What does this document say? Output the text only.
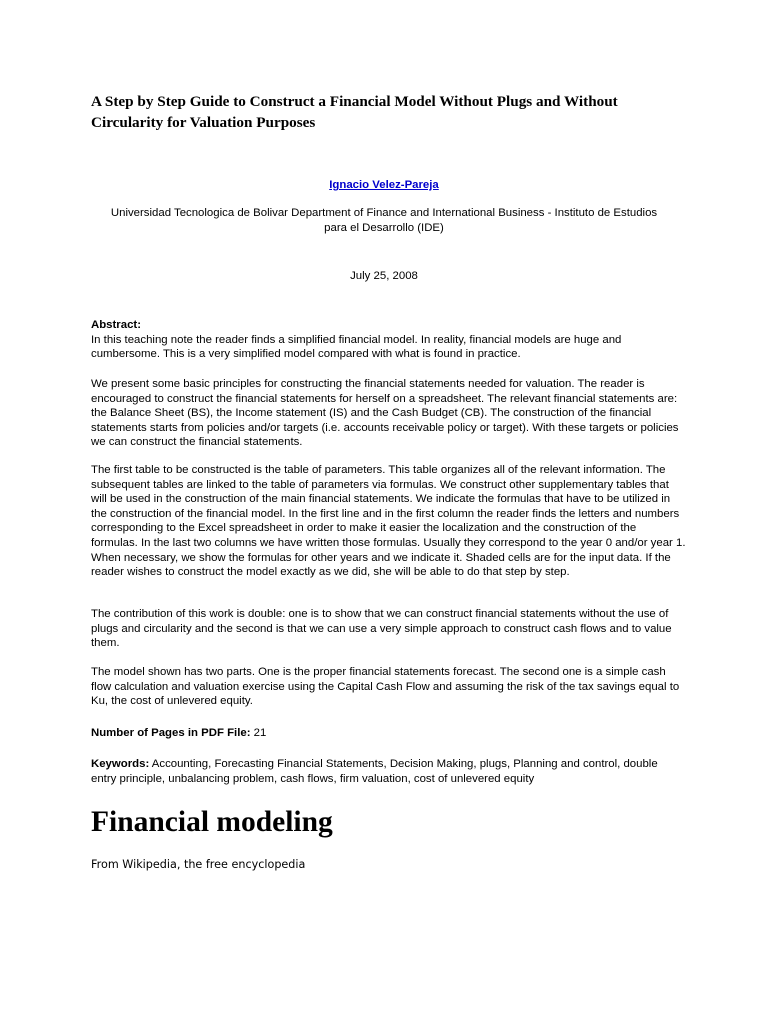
A Step by Step Guide to Construct a Financial Model Without Plugs and Without Circularity for Valuation Purposes
Ignacio Velez-Pareja
Universidad Tecnologica de Bolivar Department of Finance and International Business - Instituto de Estudios para el Desarrollo (IDE)
July 25, 2008
Abstract:
In this teaching note the reader finds a simplified financial model. In reality, financial models are huge and cumbersome. This is a very simplified model compared with what is found in practice.

We present some basic principles for constructing the financial statements needed for valuation. The reader is encouraged to construct the financial statements for herself on a spreadsheet. The relevant financial statements are: the Balance Sheet (BS), the Income statement (IS) and the Cash Budget (CB). The construction of the financial statements starts from policies and/or targets (i.e. accounts receivable policy or target). With these targets or policies we can construct the financial statements.

The first table to be constructed is the table of parameters. This table organizes all of the relevant information. The subsequent tables are linked to the table of parameters via formulas. We construct other supplementary tables that will be used in the construction of the main financial statements. We indicate the formulas that have to be utilized in the construction of the financial model. In the first line and in the first column the reader finds the letters and numbers corresponding to the Excel spreadsheet in order to make it easier the localization and the construction of the formulas. In the last two columns we have written those formulas. Usually they correspond to the year 0 and/or year 1. When necessary, we show the formulas for other years and we indicate it. Shaded cells are for the input data. If the reader wishes to construct the model exactly as we did, she will be able to do that step by step.

The contribution of this work is double: one is to show that we can construct financial statements without the use of plugs and circularity and the second is that we can use a very simple approach to construct cash flows and to value them.

The model shown has two parts. One is the proper financial statements forecast. The second one is a simple cash flow calculation and valuation exercise using the Capital Cash Flow and assuming the risk of the tax savings equal to Ku, the cost of unlevered equity.

Number of Pages in PDF File: 21

Keywords: Accounting, Forecasting Financial Statements, Decision Making, plugs, Planning and control, double entry principle, unbalancing problem, cash flows, firm valuation, cost of unlevered equity

Financial modeling
From Wikipedia, the free encyclopedia
